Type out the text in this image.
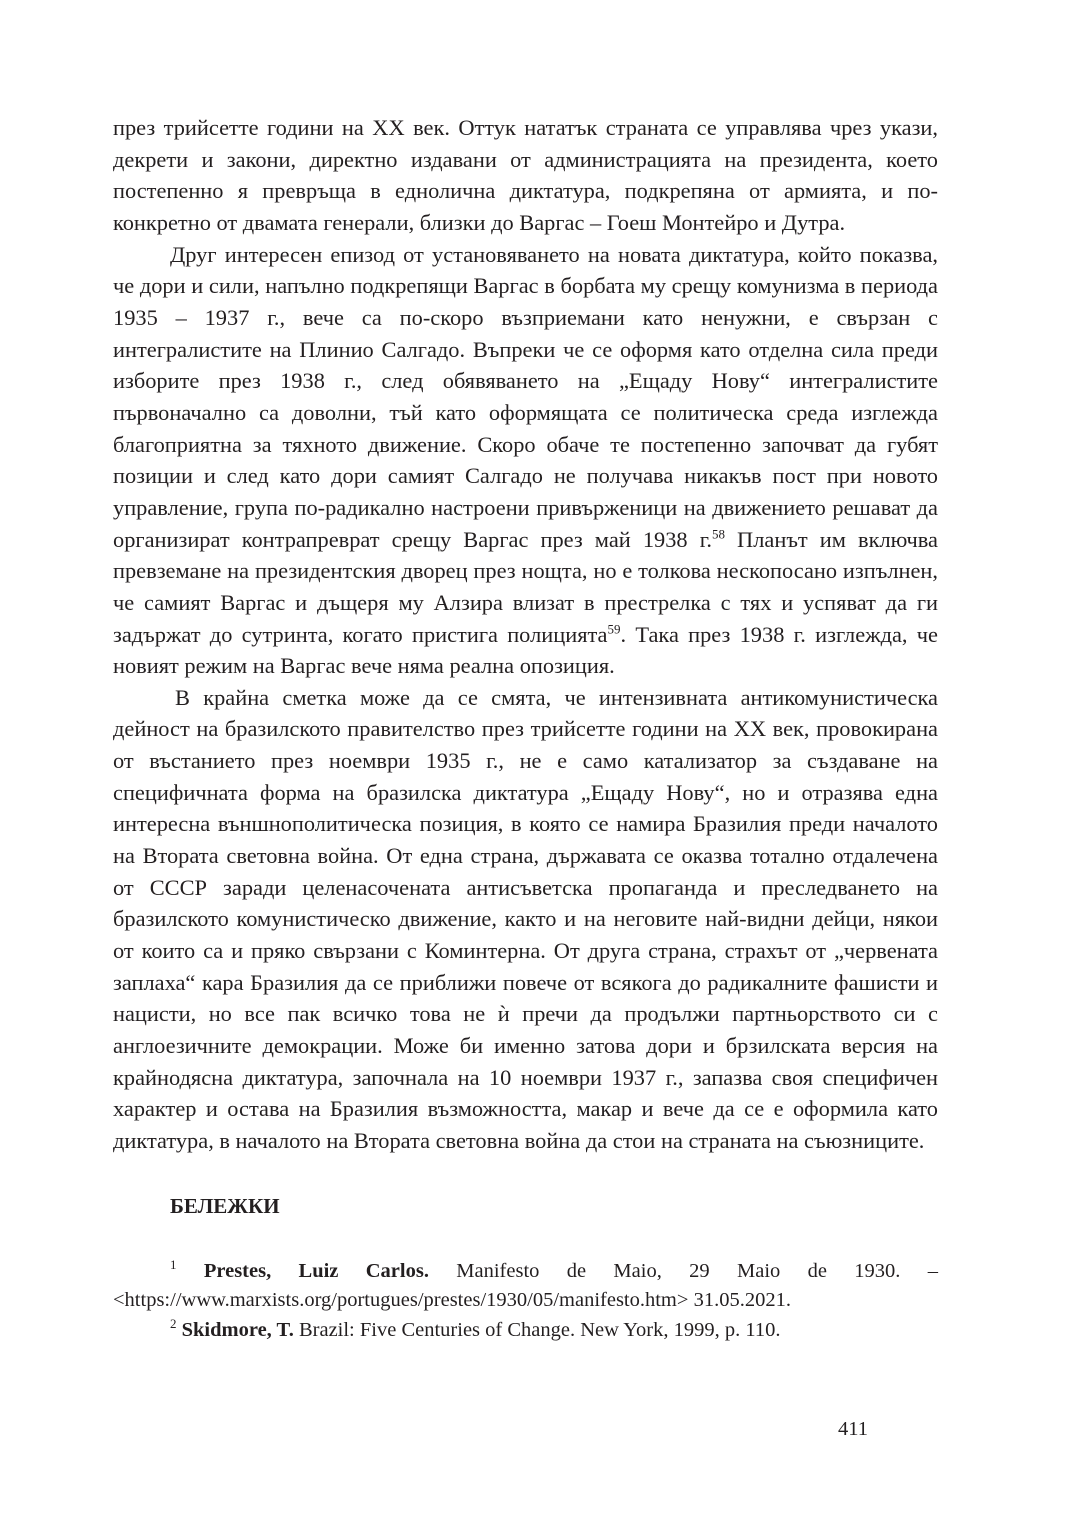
през трийсетте години на XX век. Оттук нататък страната се управлява чрез укази, декрети и закони, директно издавани от администрацията на президента, което постепенно я превръща в еднолична диктатура, подкрепяна от армията, и по-конкретно от двамата генерали, близки до Варгас – Гоеш Монтейро и Дутра.

Друг интересен епизод от установяването на новата диктатура, който показва, че дори и сили, напълно подкрепящи Варгас в борбата му срещу комунизма в периода 1935 – 1937 г., вече са по-скоро възприемани като ненужни, е свързан с интегралистите на Плинио Салгадо. Въпреки че се оформя като отделна сила преди изборите през 1938 г., след обявяването на „Ещаду Нову“ интегралистите първоначално са доволни, тъй като оформящата се политическа среда изглежда благоприятна за тяхното движение. Скоро обаче те постепенно започват да губят позиции и след като дори самият Салгадо не получава никакъв пост при новото управление, група по-радикално настроени привърженици на движението решават да организират контрапреврат срещу Варгас през май 1938 г.$^{58}$ Планът им включва превземане на президентския дворец през нощта, но е толкова нескопосано изпълнен, че самият Варгас и дъщеря му Алзира влизат в престрелка с тях и успяват да ги задържат до сутринта, когато пристига полицията$^{59}$. Така през 1938 г. изглежда, че новият режим на Варгас вече няма реална опозиция.

В крайна сметка може да се смята, че интензивната антикомунистическа дейност на бразилското правителство през трийсетте години на XX век, провокирана от въстанието през ноември 1935 г., не е само катализатор за създаване на специфичната форма на бразилска диктатура „Ещаду Нову“, но и отразява една интересна външнополитическа позиция, в която се намира Бразилия преди началото на Втората световна война. От една страна, държавата се оказва тотално отдалечена от СССР заради целенасочената антисъветска пропаганда и преследването на бразилското комунистическо движение, както и на неговите най-видни дейци, някои от които са и пряко свързани с Коминтерна. От друга страна, страхът от „червената заплаха“ кара Бразилия да се приближи повече от всякога до радикалните фашисти и нацисти, но все пак всичко това не ѝ пречи да продължи партньорството си с англоезичните демокрации. Може би именно затова дори и брзилската версия на крайнодясна диктатура, започнала на 10 ноември 1937 г., запазва своя специфичен характер и остава на Бразилия възможността, макар и вече да се е оформила като диктатура, в началото на Втората световна война да стои на страната на съюзниците.

БЕЛЕЖКИ

$^1$ Prestes, Luiz Carlos. Manifesto de Maio, 29 Maio de 1930. – <https://www.marxists.org/portugues/prestes/1930/05/manifesto.htm> 31.05.2021.

$^2$ Skidmore, T. Brazil: Five Centuries of Change. New York, 1999, p. 110.

411
